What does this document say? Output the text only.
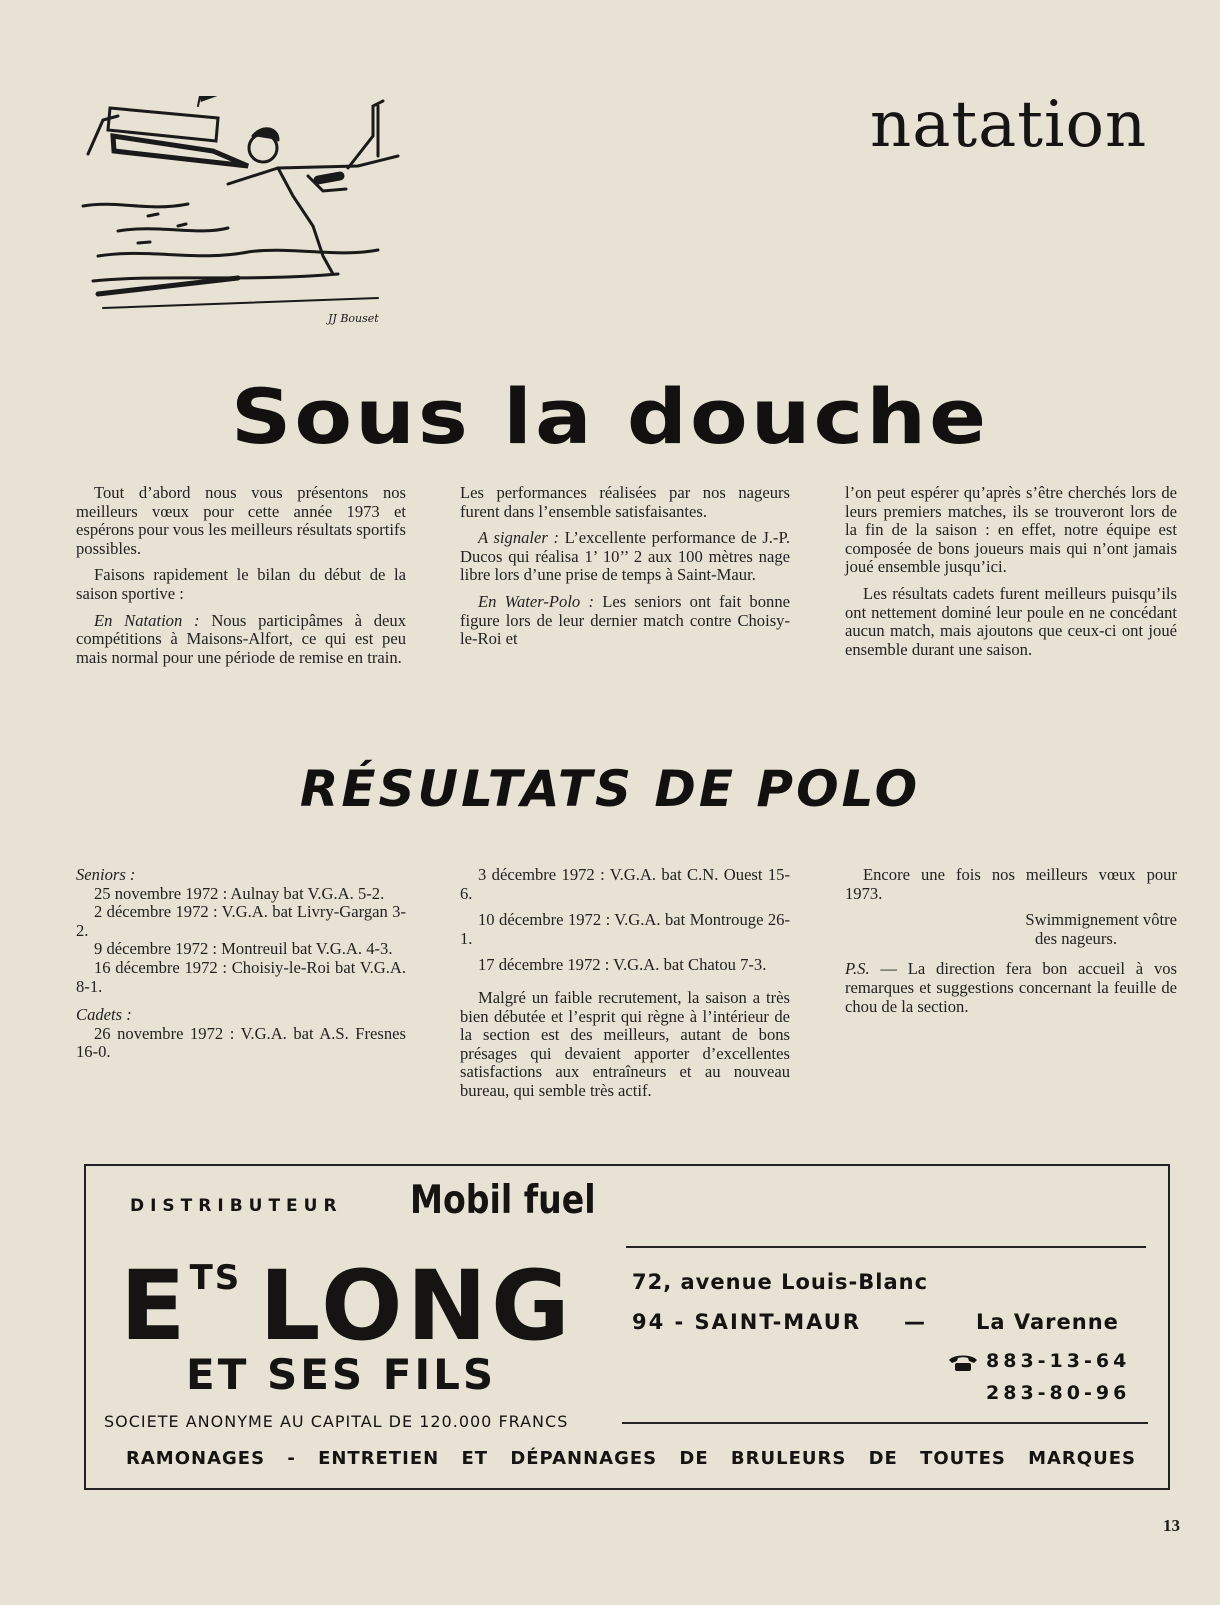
natation
JJ Bouset
Sous la douche

Tout d’abord nous vous présentons nos meilleurs vœux pour cette année 1973 et espérons pour vous les meilleurs résultats sportifs possibles.

Faisons rapidement le bilan du début de la saison sportive :

En Natation : Nous participâmes à deux compétitions à Maisons-Alfort, ce qui est peu mais normal pour une période de remise en train.

Les performances réalisées par nos nageurs furent dans l’ensemble satisfaisantes.

A signaler : L’excellente performance de J.-P. Ducos qui réalisa 1’ 10’’ 2 aux 100 mètres nage libre lors d’une prise de temps à Saint-Maur.

En Water-Polo : Les seniors ont fait bonne figure lors de leur dernier match contre Choisy-le-Roi et

l’on peut espérer qu’après s’être cherchés lors de leurs premiers matches, ils se trouveront lors de la fin de la saison : en effet, notre équipe est composée de bons joueurs mais qui n’ont jamais joué ensemble jusqu’ici.

Les résultats cadets furent meilleurs puisqu’ils ont nettement dominé leur poule en ne concédant aucun match, mais ajoutons que ceux-ci ont joué ensemble durant une saison.

RÉSULTATS DE POLO

Seniors :

25 novembre 1972 : Aulnay bat V.G.A. 5-2.

2 décembre 1972 : V.G.A. bat Livry-Gargan 3-2.

9 décembre 1972 : Montreuil bat V.G.A. 4-3.

16 décembre 1972 : Choisiy-le-Roi bat V.G.A. 8-1.

Cadets :

26 novembre 1972 : V.G.A. bat A.S. Fresnes 16-0.

3 décembre 1972 : V.G.A. bat C.N. Ouest 15-6.

10 décembre 1972 : V.G.A. bat Montrouge 26-1.

17 décembre 1972 : V.G.A. bat Chatou 7-3.

Malgré un faible recrutement, la saison a très bien débutée et l’esprit qui règne à l’intérieur de la section est des meilleurs, autant de bons présages qui devaient apporter d’excellentes satisfactions aux entraîneurs et au nouveau bureau, qui semble très actif.

Encore une fois nos meilleurs vœux pour 1973.

Swimmignement vôtre

des nageurs.

P.S. — La direction fera bon accueil à vos remarques et suggestions concernant la feuille de chou de la section.

DISTRIBUTEUR Mobil fuel
$E^{TS}$ LONG
ET SES FILS
72, avenue Louis-Blanc
94 - SAINT-MAUR — La Varenne
883-13-64
283-80-96
SOCIETE ANONYME AU CAPITAL DE 120.000 FRANCS
RAMONAGES - ENTRETIEN ET DÉPANNAGES DE BRULEURS DE TOUTES MARQUES
13
